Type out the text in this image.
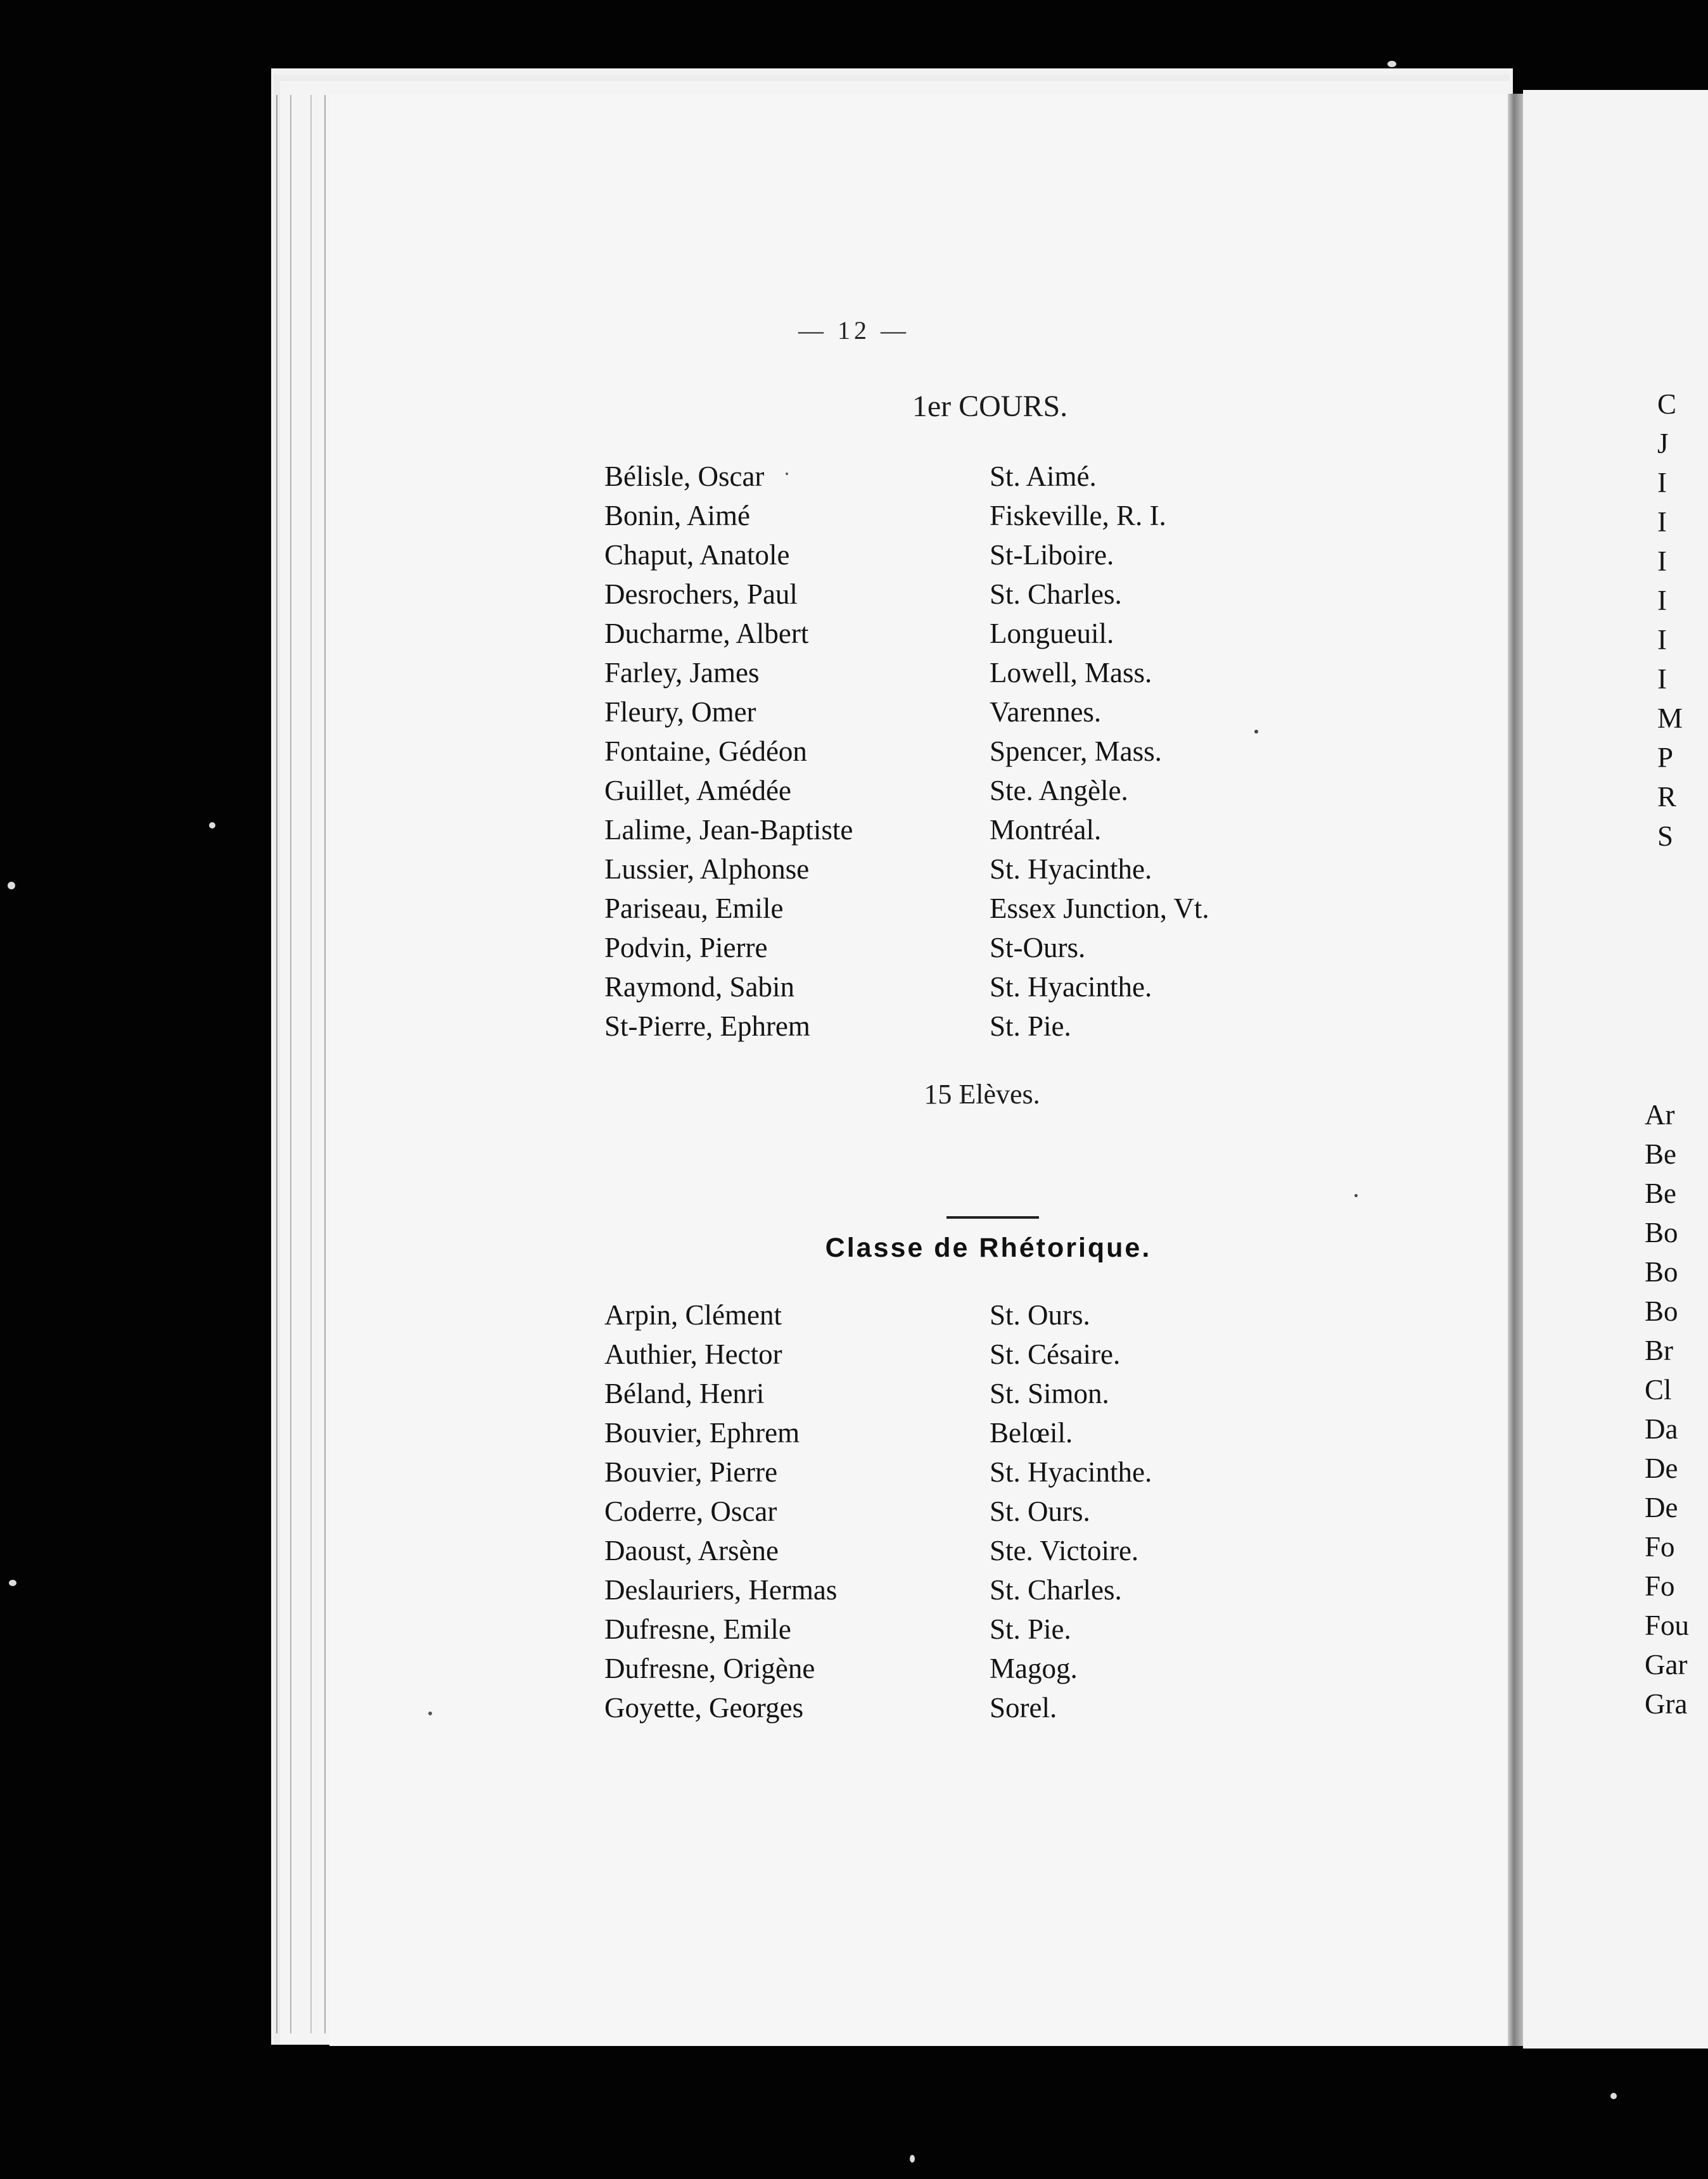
C
J
I
I
I
I
I
I
M
P
R
S
Ar
Be
Be
Bo
Bo
Bo
Br
Cl
Da
De
De
Fo
Fo
Fou
Gar
Gra
— 12 —
1er COURS.
Bélisle, Oscar	St. Aimé.
Bonin, Aimé	Fiskeville, R. I.
Chaput, Anatole	St-Liboire.
Desrochers, Paul	St. Charles.
Ducharme, Albert	Longueuil.
Farley, James	Lowell, Mass.
Fleury, Omer	Varennes.
Fontaine, Gédéon	Spencer, Mass.
Guillet, Amédée	Ste. Angèle.
Lalime, Jean-Baptiste	Montréal.
Lussier, Alphonse	St. Hyacinthe.
Pariseau, Emile	Essex Junction, Vt.
Podvin, Pierre	St-Ours.
Raymond, Sabin	St. Hyacinthe.
St-Pierre, Ephrem	St. Pie.
15 Elèves.
Classe de Rhétorique.
Arpin, Clément	St. Ours.
Authier, Hector	St. Césaire.
Béland, Henri	St. Simon.
Bouvier, Ephrem	Belœil.
Bouvier, Pierre	St. Hyacinthe.
Coderre, Oscar	St. Ours.
Daoust, Arsène	Ste. Victoire.
Deslauriers, Hermas	St. Charles.
Dufresne, Emile	St. Pie.
Dufresne, Origène	Magog.
Goyette, Georges	Sorel.
